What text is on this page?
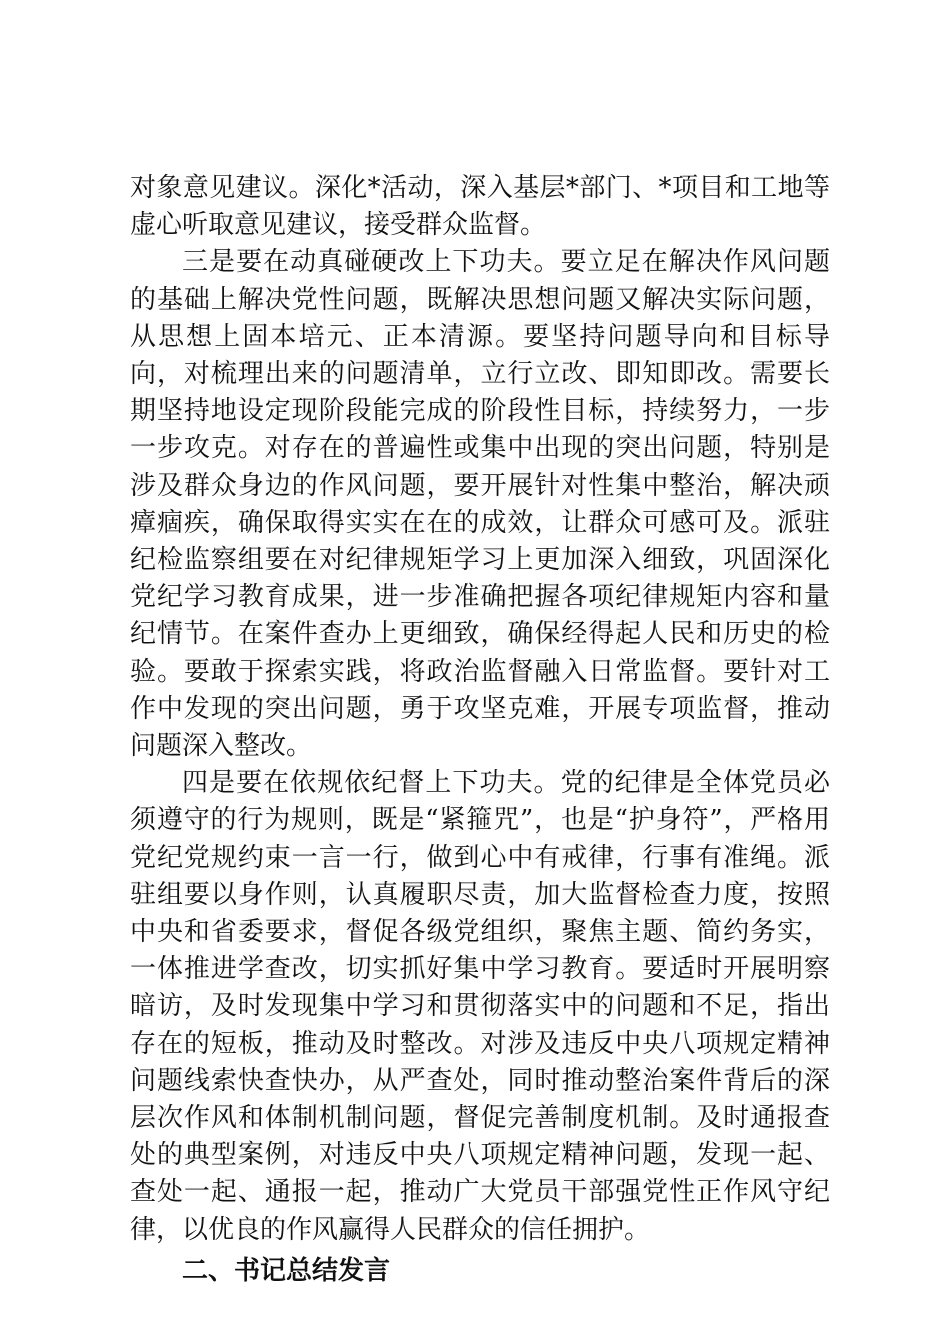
对象意见建议。深化*活动，深入基层*部门、*项目和工地等虚心听取意见建议，接受群众监督。

三是要在动真碰硬改上下功夫。要立足在解决作风问题的基础上解决党性问题，既解决思想问题又解决实际问题，从思想上固本培元、正本清源。要坚持问题导向和目标导向，对梳理出来的问题清单，立行立改、即知即改。需要长期坚持地设定现阶段能完成的阶段性目标，持续努力，一步一步攻克。对存在的普遍性或集中出现的突出问题，特别是涉及群众身边的作风问题，要开展针对性集中整治，解决顽瘴痼疾，确保取得实实在在的成效，让群众可感可及。派驻纪检监察组要在对纪律规矩学习上更加深入细致，巩固深化党纪学习教育成果，进一步准确把握各项纪律规矩内容和量纪情节。在案件查办上更细致，确保经得起人民和历史的检验。要敢于探索实践，将政治监督融入日常监督。要针对工作中发现的突出问题，勇于攻坚克难，开展专项监督，推动问题深入整改。

四是要在依规依纪督上下功夫。党的纪律是全体党员必须遵守的行为规则，既是“紧箍咒”，也是“护身符”，严格用党纪党规约束一言一行，做到心中有戒律，行事有准绳。派驻组要以身作则，认真履职尽责，加大监督检查力度，按照中央和省委要求，督促各级党组织，聚焦主题、简约务实，一体推进学查改，切实抓好集中学习教育。要适时开展明察暗访，及时发现集中学习和贯彻落实中的问题和不足，指出存在的短板，推动及时整改。对涉及违反中央八项规定精神问题线索快查快办，从严查处，同时推动整治案件背后的深层次作风和体制机制问题，督促完善制度机制。及时通报查处的典型案例，对违反中央八项规定精神问题，发现一起、查处一起、通报一起，推动广大党员干部强党性正作风守纪律，以优良的作风赢得人民群众的信任拥护。

二、书记总结发言
